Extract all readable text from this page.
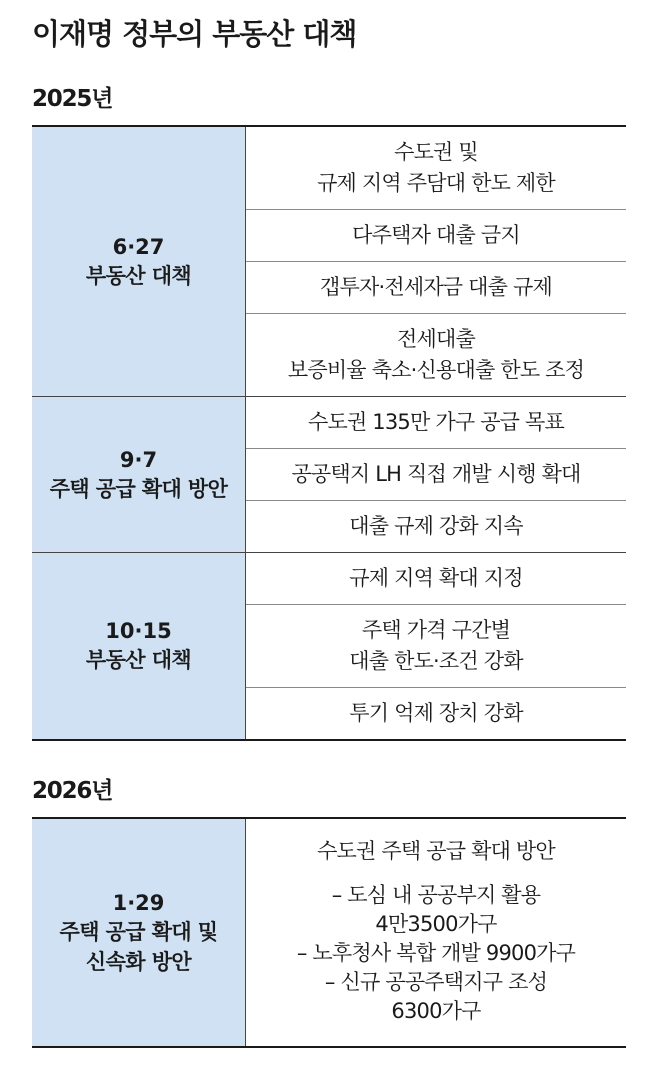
이재명 정부의 부동산 대책
2025년
6·27
부동산 대책
수도권 및
규제 지역 주담대 한도 제한
다주택자 대출 금지
갭투자·전세자금 대출 규제
전세대출
보증비율 축소·신용대출 한도 조정
9·7
주택 공급 확대 방안
수도권 135만 가구 공급 목표
공공택지 LH 직접 개발 시행 확대
대출 규제 강화 지속
10·15
부동산 대책
규제 지역 확대 지정
주택 가격 구간별
대출 한도·조건 강화
투기 억제 장치 강화
2026년
1·29
주택 공급 확대 및
신속화 방안
수도권 주택 공급 확대 방안
– 도심 내 공공부지 활용
4만3500가구
– 노후청사 복합 개발 9900가구
– 신규 공공주택지구 조성
6300가구
